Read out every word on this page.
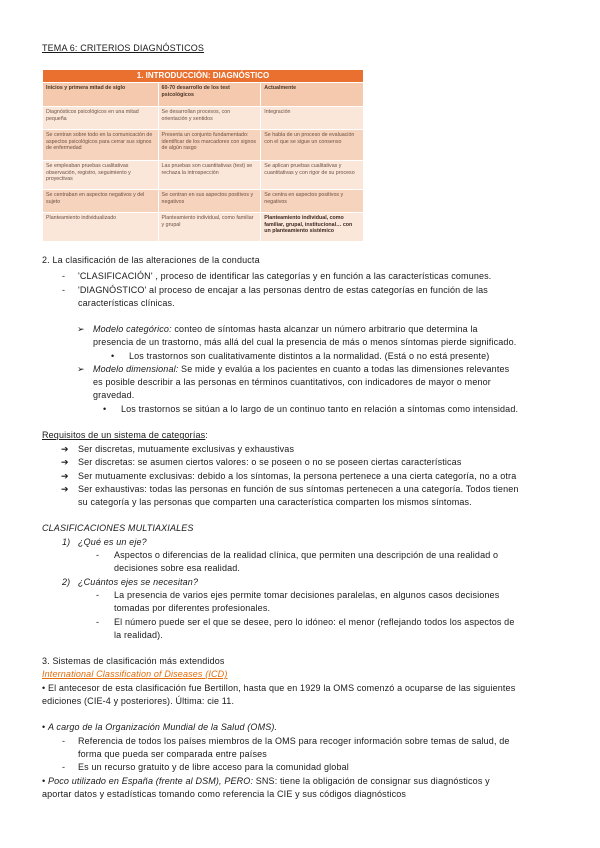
TEMA 6: CRITERIOS DIAGNÓSTICOS
1. INTRODUCCIÓN: DIAGNÓSTICO		
Inicios y primera mitad de siglo	60-70 desarrollo de los test psicológicos	Actualmente
Diagnósticos psicológicos en una mitad pequeña	Se desarrollan procesos, con orientación y sentidos	Integración
Se centran sobre todo en la comunicación de aspectos psicológicos para cerrar sus signos de enfermedad	Presenta un conjunto fundamentado: identificar de los marcadores con signos de algún rasgo	Se habla de un proceso de evaluación con el que se sigue un consenso
Se empleaban pruebas cualitativas observación, registro, seguimiento y proyectivas	Las pruebas son cuantitativas (test) se rechaza la introspección	Se aplican pruebas cualitativas y cuantitativas y con rigor de su proceso
Se centraban en aspectos negativos y del sujeto	Se centran en sus aspectos positivos y negativos	Se centra en aspectos positivos y negativos
Planteamiento individualizado	Planteamiento individual, como familiar y grupal	Planteamiento individual, como familiar, grupal, institucional… con un planteamiento sistémico
2. La clasificación de las alteraciones de la conducta
- 'CLASIFICACIÓN' , proceso de identificar las categorías y en función a las características comunes.
- 'DIAGNÓSTICO' al proceso de encajar a las personas dentro de estas categorías en función de las
características clínicas.
➢ Modelo categórico: conteo de síntomas hasta alcanzar un número arbitrario que determina la
presencia de un trastorno, más allá del cual la presencia de más o menos síntomas pierde significado.
• Los trastornos son cualitativamente distintos a la normalidad. (Está o no está presente)
➢ Modelo dimensional: Se mide y evalúa a los pacientes en cuanto a todas las dimensiones relevantes
es posible describir a las personas en términos cuantitativos, con indicadores de mayor o menor
gravedad.
• Los trastornos se sitúan a lo largo de un continuo tanto en relación a síntomas como intensidad.
Requisitos de un sistema de categorías:
➔ Ser discretas, mutuamente exclusivas y exhaustivas
➔ Ser discretas: se asumen ciertos valores: o se poseen o no se poseen ciertas características
➔ Ser mutuamente exclusivas: debido a los síntomas, la persona pertenece a una cierta categoría, no a otra
➔ Ser exhaustivas: todas las personas en función de sus síntomas pertenecen a una categoría. Todos tienen
su categoría y las personas que comparten una característica comparten los mismos síntomas.
CLASIFICACIONES MULTIAXIALES
1) ¿Qué es un eje?
- Aspectos o diferencias de la realidad clínica, que permiten una descripción de una realidad o
decisiones sobre esa realidad.
2) ¿Cuántos ejes se necesitan?
- La presencia de varios ejes permite tomar decisiones paralelas, en algunos casos decisiones
tomadas por diferentes profesionales.
- El número puede ser el que se desee, pero lo idóneo: el menor (reflejando todos los aspectos de
la realidad).
3. Sistemas de clasificación más extendidos
International Classification of Diseases (ICD)
• El antecesor de esta clasificación fue Bertillon, hasta que en 1929 la OMS comenzó a ocuparse de las siguientes
ediciones (CIE-4 y posteriores). Última: cie 11.
• A cargo de la Organización Mundial de la Salud (OMS).
- Referencia de todos los países miembros de la OMS para recoger información sobre temas de salud, de
forma que pueda ser comparada entre países
- Es un recurso gratuito y de libre acceso para la comunidad global
• Poco utilizado en España (frente al DSM), PERO: SNS: tiene la obligación de consignar sus diagnósticos y
aportar datos y estadísticas tomando como referencia la CIE y sus códigos diagnósticos
